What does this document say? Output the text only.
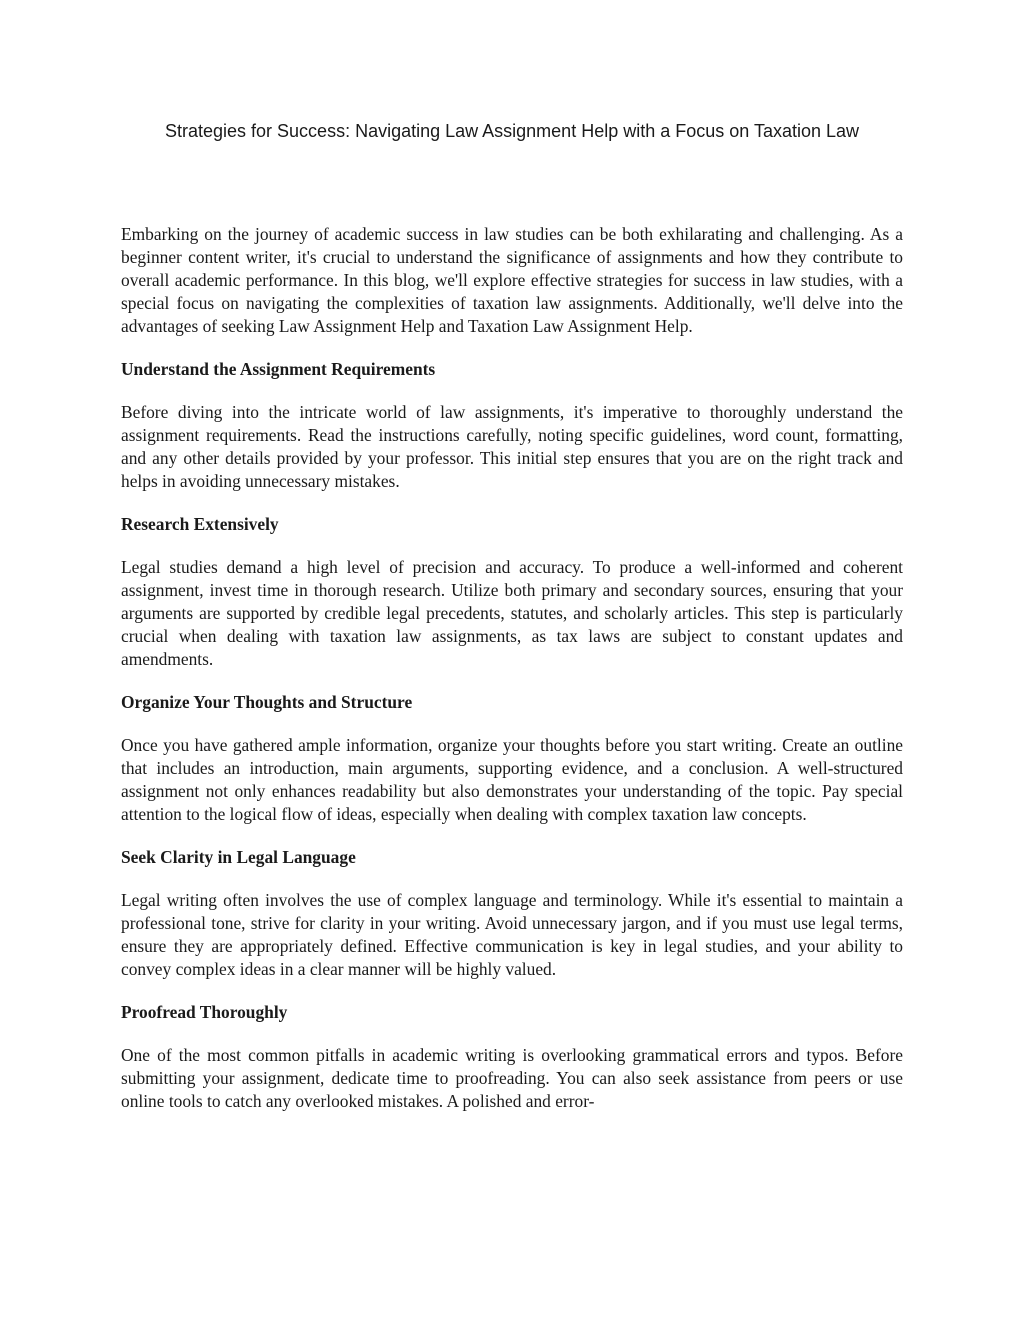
Strategies for Success: Navigating Law Assignment Help with a Focus on Taxation Law

Embarking on the journey of academic success in law studies can be both exhilarating and challenging. As a beginner content writer, it's crucial to understand the significance of assignments and how they contribute to overall academic performance. In this blog, we'll explore effective strategies for success in law studies, with a special focus on navigating the complexities of taxation law assignments. Additionally, we'll delve into the advantages of seeking Law Assignment Help and Taxation Law Assignment Help.

Understand the Assignment Requirements

Before diving into the intricate world of law assignments, it's imperative to thoroughly understand the assignment requirements. Read the instructions carefully, noting specific guidelines, word count, formatting, and any other details provided by your professor. This initial step ensures that you are on the right track and helps in avoiding unnecessary mistakes.

Research Extensively

Legal studies demand a high level of precision and accuracy. To produce a well-informed and coherent assignment, invest time in thorough research. Utilize both primary and secondary sources, ensuring that your arguments are supported by credible legal precedents, statutes, and scholarly articles. This step is particularly crucial when dealing with taxation law assignments, as tax laws are subject to constant updates and amendments.

Organize Your Thoughts and Structure

Once you have gathered ample information, organize your thoughts before you start writing. Create an outline that includes an introduction, main arguments, supporting evidence, and a conclusion. A well-structured assignment not only enhances readability but also demonstrates your understanding of the topic. Pay special attention to the logical flow of ideas, especially when dealing with complex taxation law concepts.

Seek Clarity in Legal Language

Legal writing often involves the use of complex language and terminology. While it's essential to maintain a professional tone, strive for clarity in your writing. Avoid unnecessary jargon, and if you must use legal terms, ensure they are appropriately defined. Effective communication is key in legal studies, and your ability to convey complex ideas in a clear manner will be highly valued.

Proofread Thoroughly

One of the most common pitfalls in academic writing is overlooking grammatical errors and typos. Before submitting your assignment, dedicate time to proofreading. You can also seek assistance from peers or use online tools to catch any overlooked mistakes. A polished and error-
